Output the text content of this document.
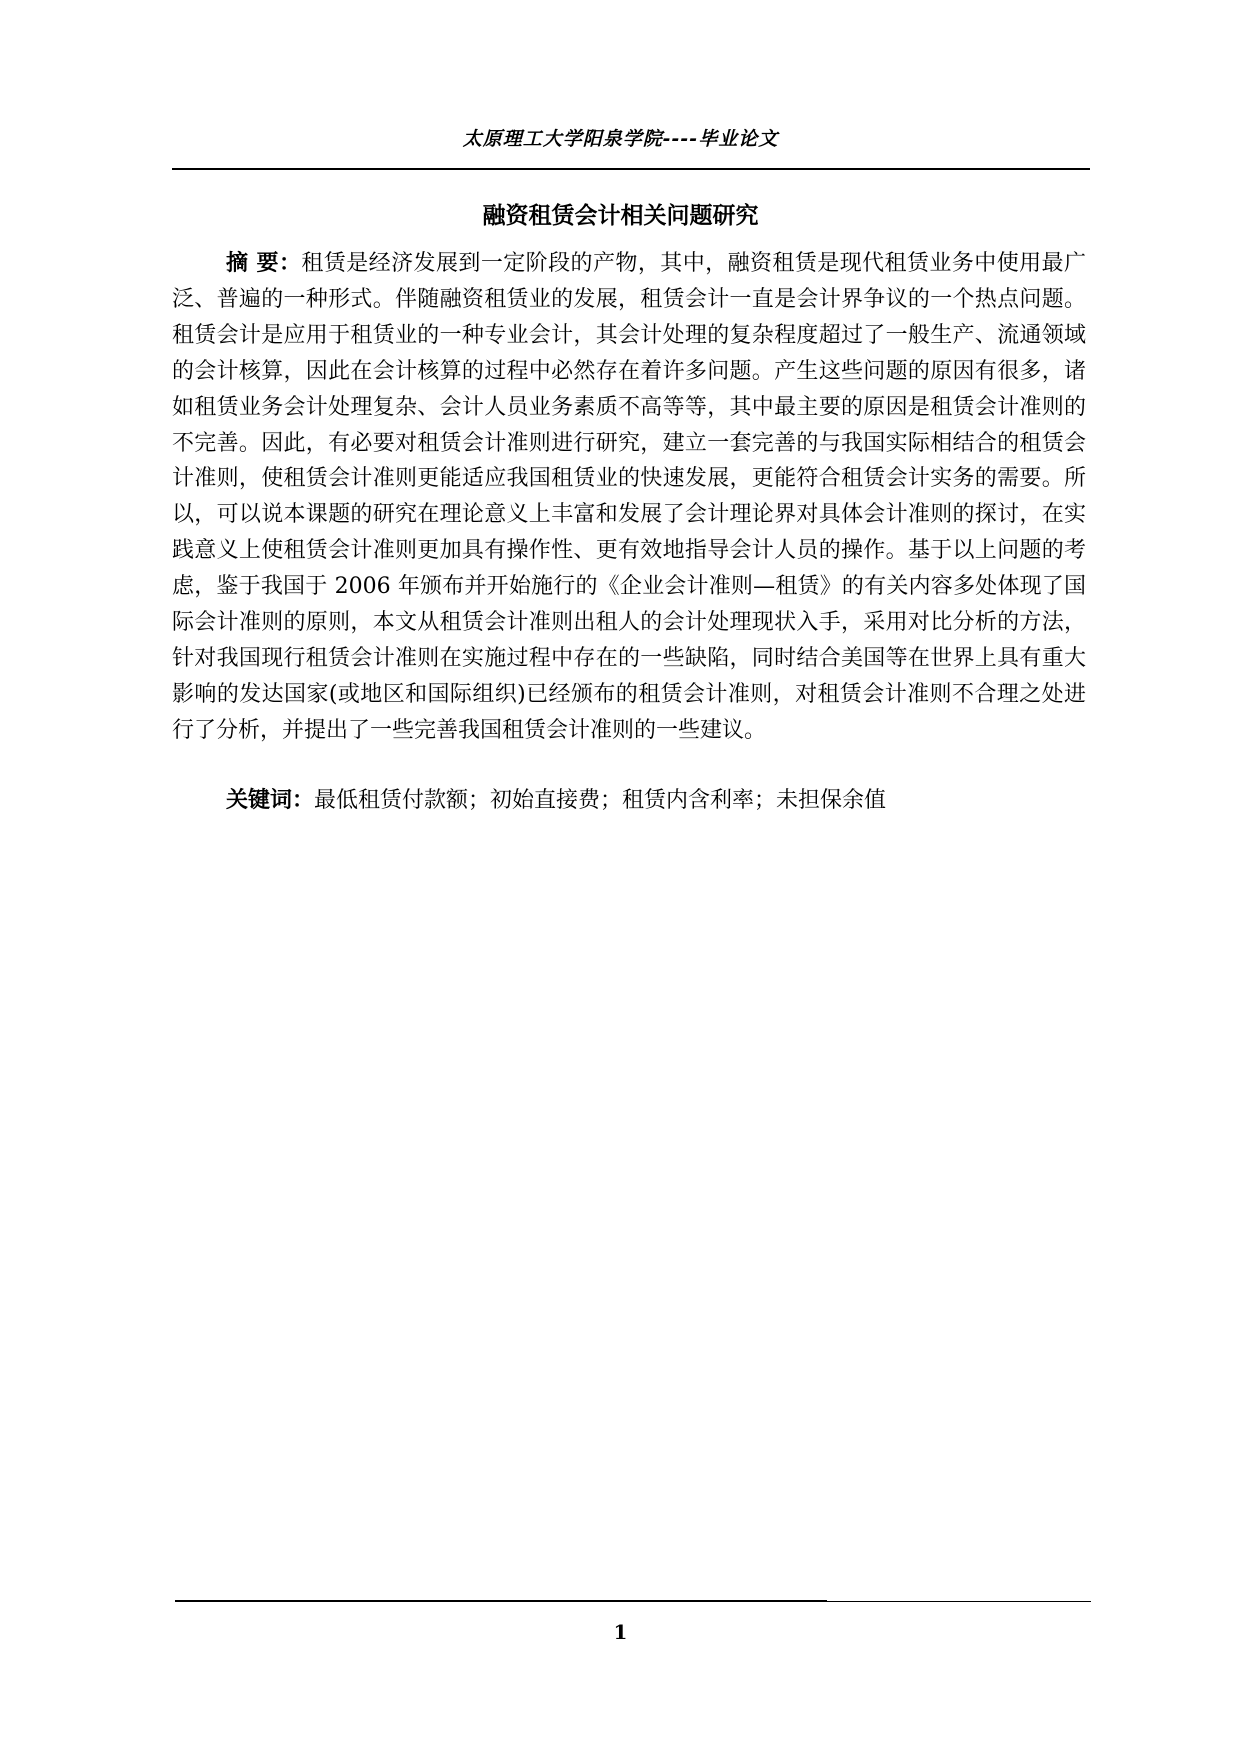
太原理工大学阳泉学院----毕业论文
融资租赁会计相关问题研究

摘 要：租赁是经济发展到一定阶段的产物，其中，融资租赁是现代租赁业务中使用最广泛、普遍的一种形式。伴随融资租赁业的发展，租赁会计一直是会计界争议的一个热点问题。租赁会计是应用于租赁业的一种专业会计，其会计处理的复杂程度超过了一般生产、流通领域的会计核算，因此在会计核算的过程中必然存在着许多问题。产生这些问题的原因有很多，诸如租赁业务会计处理复杂、会计人员业务素质不高等等，其中最主要的原因是租赁会计准则的不完善。因此，有必要对租赁会计准则进行研究，建立一套完善的与我国实际相结合的租赁会计准则，使租赁会计准则更能适应我国租赁业的快速发展，更能符合租赁会计实务的需要。所以，可以说本课题的研究在理论意义上丰富和发展了会计理论界对具体会计准则的探讨，在实践意义上使租赁会计准则更加具有操作性、更有效地指导会计人员的操作。基于以上问题的考虑，鉴于我国于 2006 年颁布并开始施行的《企业会计准则—租赁》的有关内容多处体现了国际会计准则的原则，本文从租赁会计准则出租人的会计处理现状入手，采用对比分析的方法，针对我国现行租赁会计准则在实施过程中存在的一些缺陷，同时结合美国等在世界上具有重大影响的发达国家(或地区和国际组织)已经颁布的租赁会计准则，对租赁会计准则不合理之处进行了分析，并提出了一些完善我国租赁会计准则的一些建议。

关键词：最低租赁付款额；初始直接费；租赁内含利率；未担保余值

1
